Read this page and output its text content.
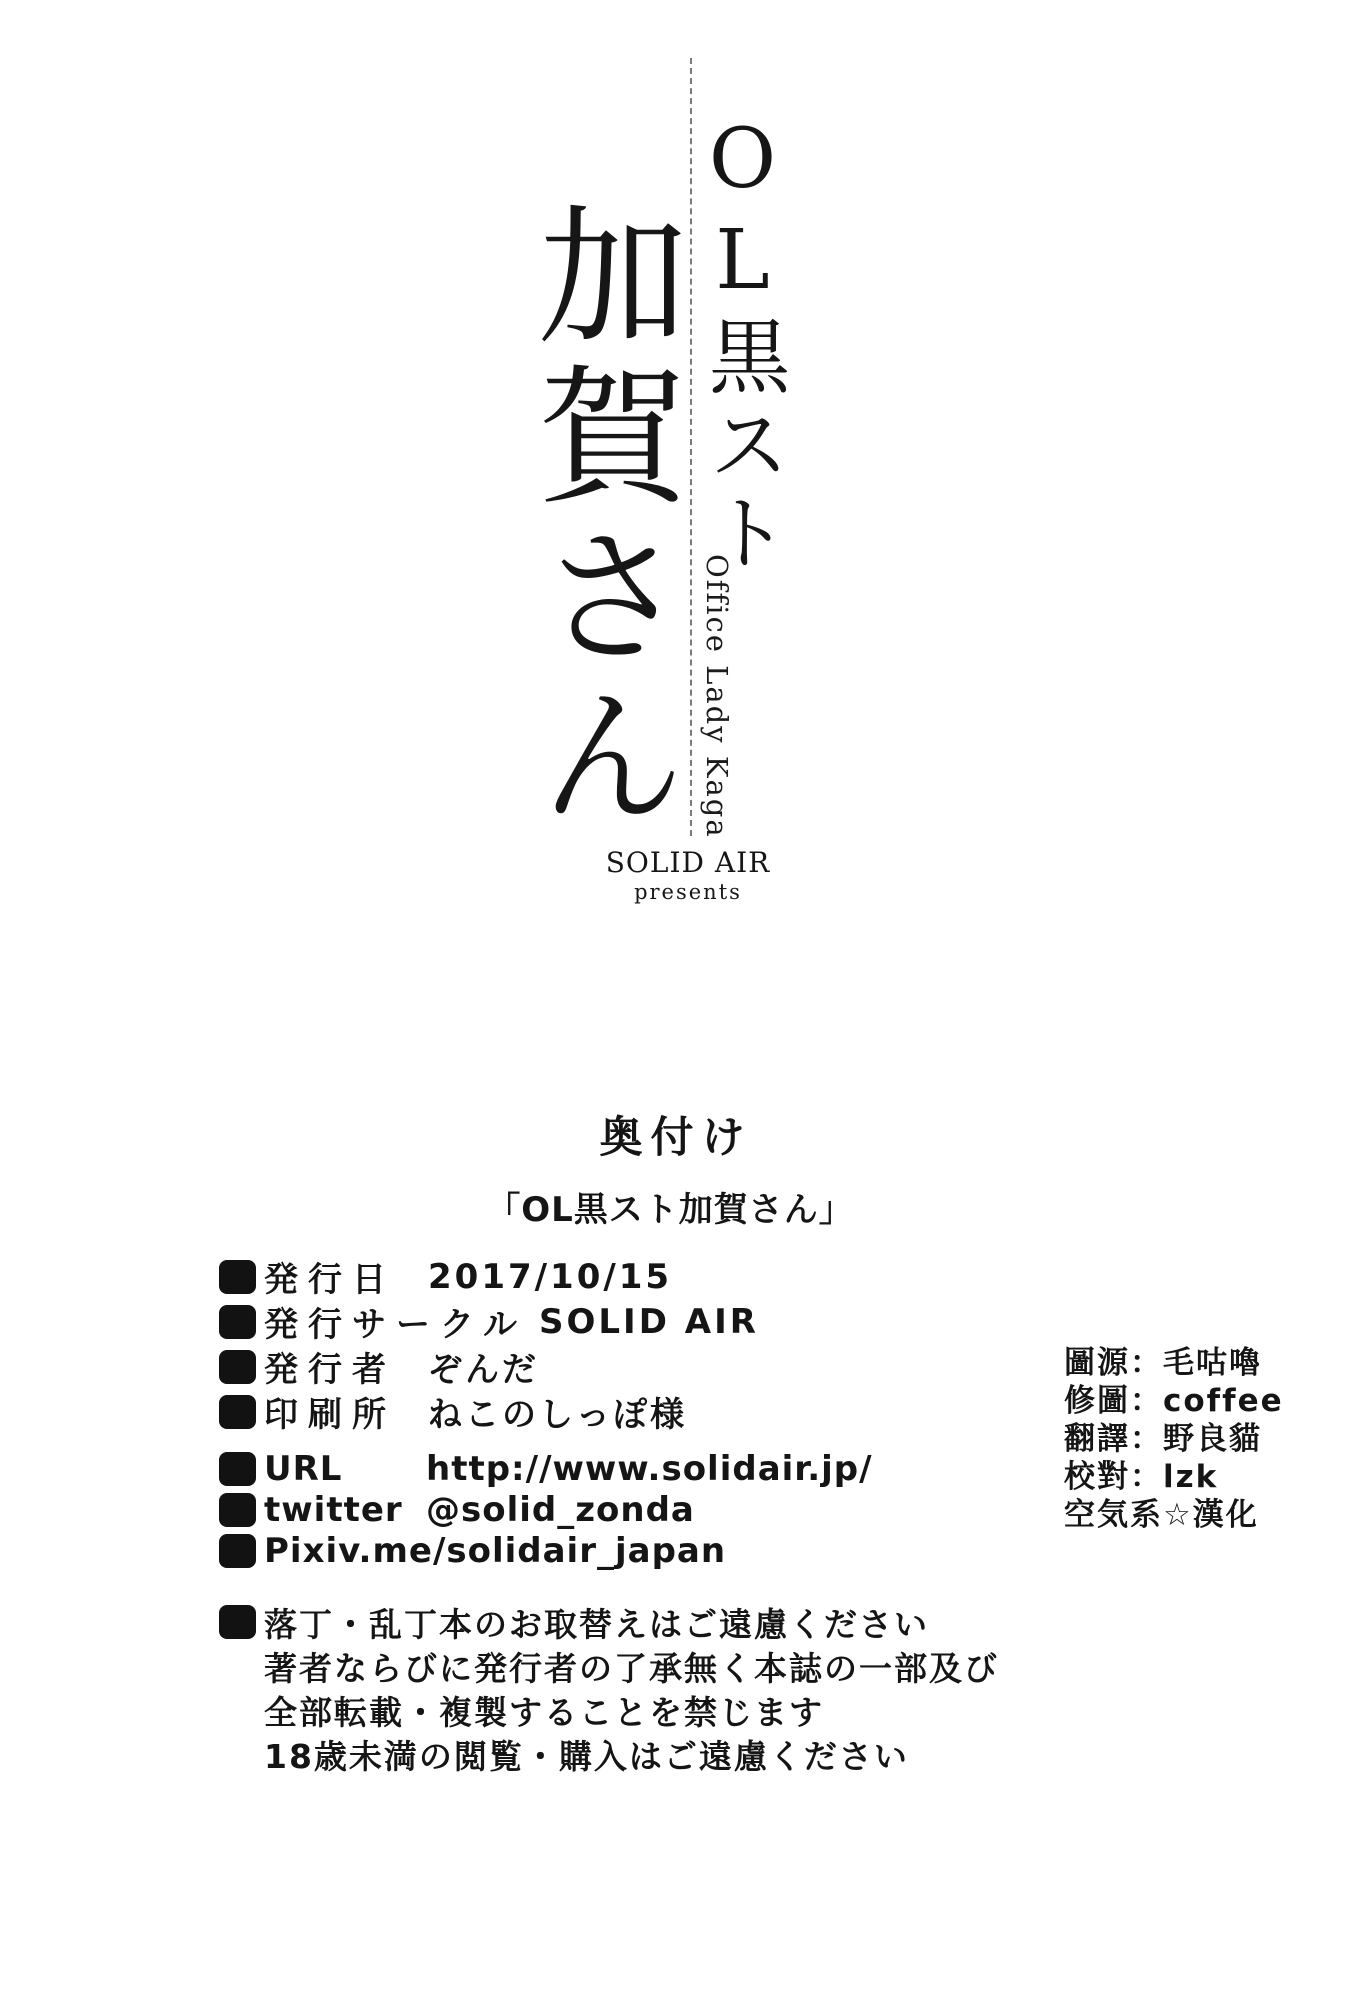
OL黒スト
加賀さん Office Lady Kaga
SOLID AIR
presents
奥付け
「OL黒スト加賀さん」
発行日 2017/10/15
発行サークル SOLID AIR
発行者 ぞんだ
印刷所 ねこのしっぽ様
URL	http://www.solidair.jp/
twitter @solid_zonda
Pixiv.me/solidair_japan
落丁・乱丁本のお取替えはご遠慮ください
著者ならびに発行者の了承無く本誌の一部及び
全部転載・複製することを禁じます
18歳未満の閲覧・購入はご遠慮ください
圖源：毛咕嚕
修圖：coffee
翻譯：野良貓
校對：lzk
空気系☆漢化
